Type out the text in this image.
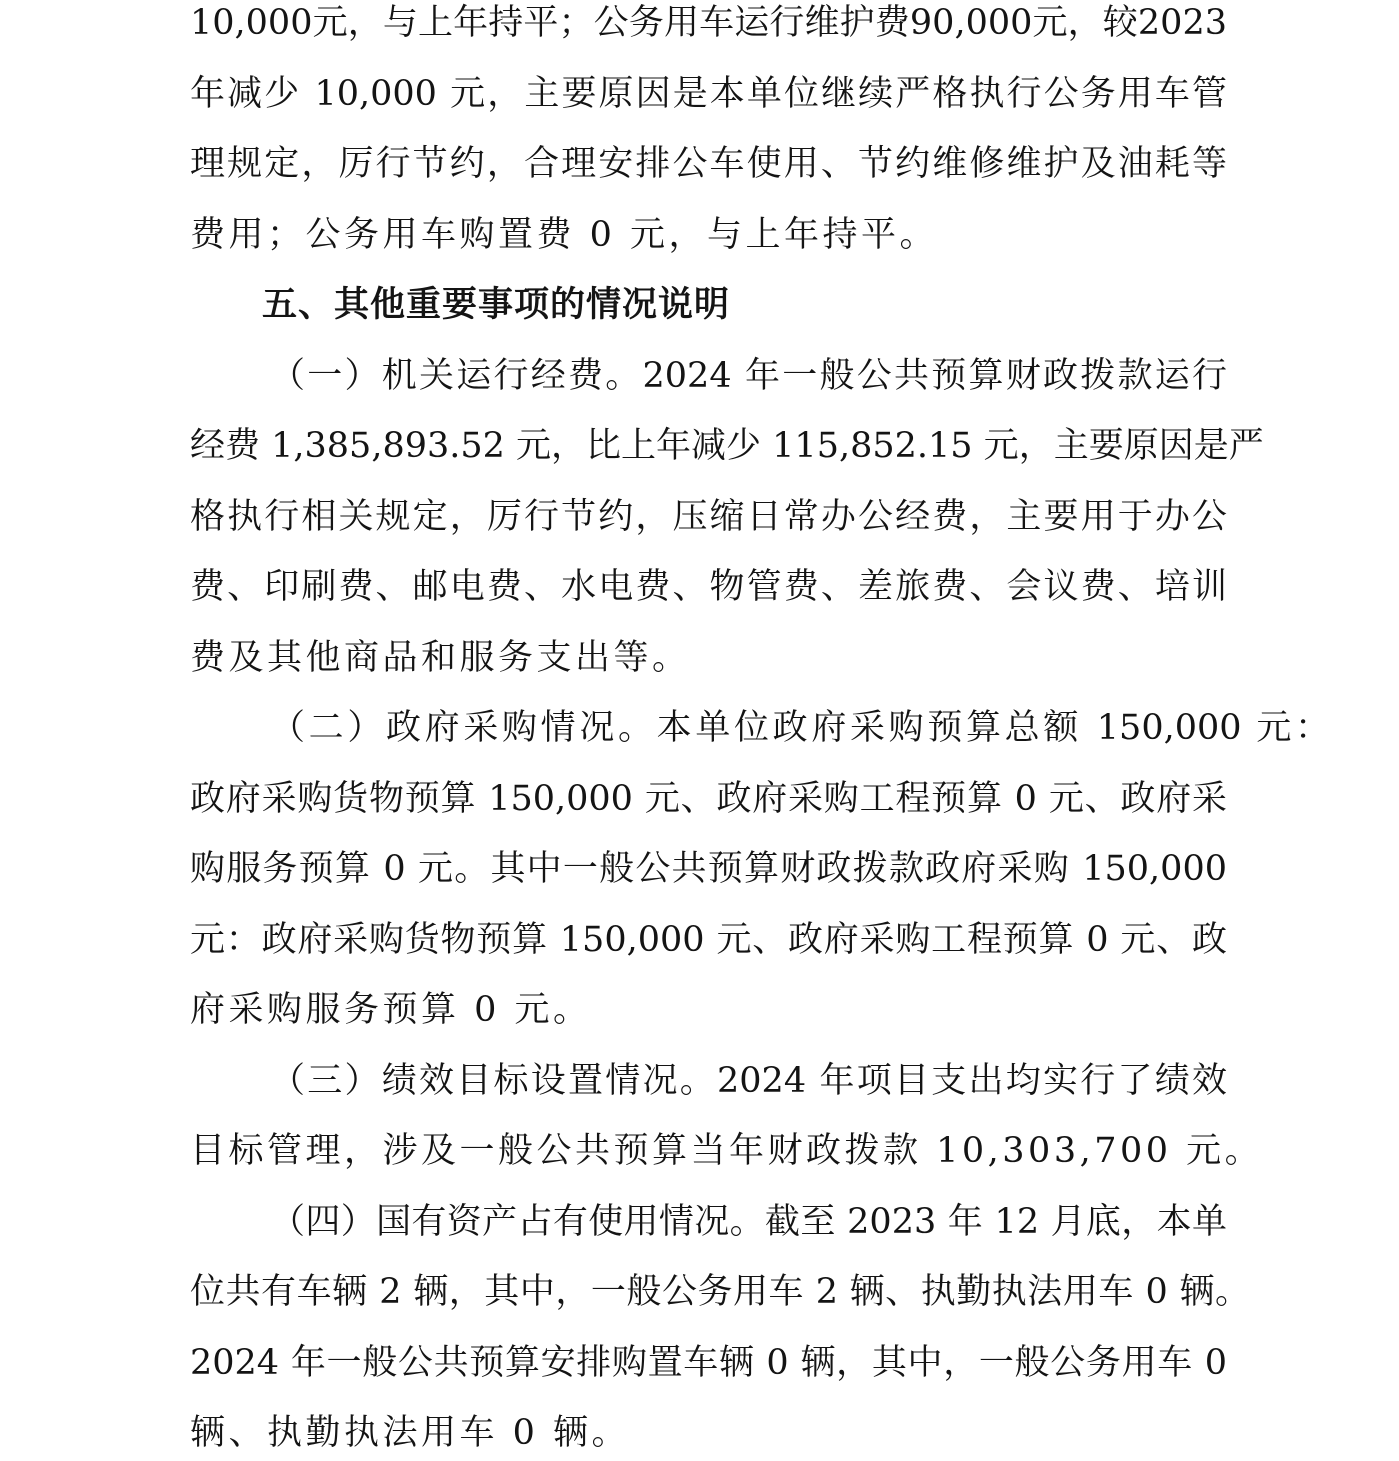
10,000元，与上年持平；公务用车运行维护费90,000元，较2023
年减少 10,000 元，主要原因是本单位继续严格执行公务用车管
理规定，厉行节约，合理安排公车使用、节约维修维护及油耗等
费用；公务用车购置费 0 元，与上年持平。
五、其他重要事项的情况说明
（一）机关运行经费。2024 年一般公共预算财政拨款运行
经费 1,385,893.52 元，比上年减少 115,852.15 元，主要原因是严
格执行相关规定，厉行节约，压缩日常办公经费，主要用于办公
费、印刷费、邮电费、水电费、物管费、差旅费、会议费、培训
费及其他商品和服务支出等。
（二）政府采购情况。本单位政府采购预算总额 150,000 元：
政府采购货物预算 150,000 元、政府采购工程预算 0 元、政府采
购服务预算 0 元。其中一般公共预算财政拨款政府采购 150,000
元：政府采购货物预算 150,000 元、政府采购工程预算 0 元、政
府采购服务预算 0 元。
（三）绩效目标设置情况。2024 年项目支出均实行了绩效
目标管理，涉及一般公共预算当年财政拨款 10,303,700 元。
（四）国有资产占有使用情况。截至 2023 年 12 月底，本单
位共有车辆 2 辆，其中，一般公务用车 2 辆、执勤执法用车 0 辆。
2024 年一般公共预算安排购置车辆 0 辆，其中，一般公务用车 0
辆、执勤执法用车 0 辆。
